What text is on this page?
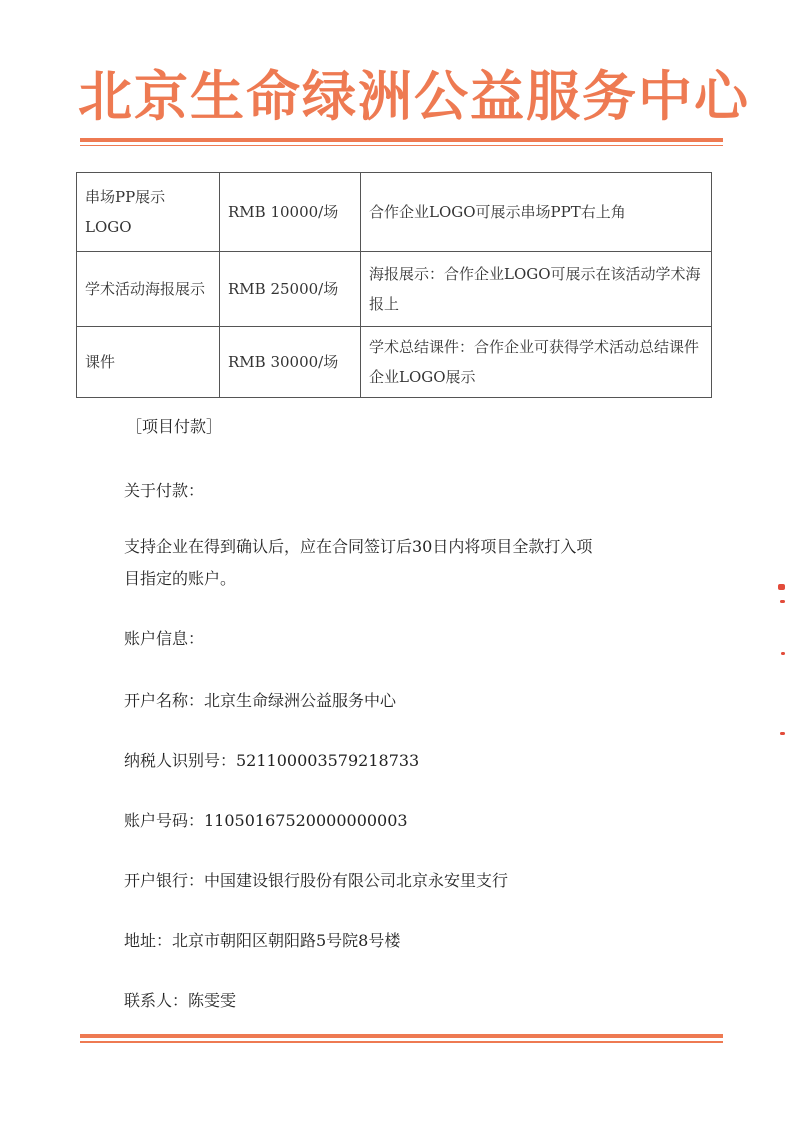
北京生命绿洲公益服务中心
串场PP展示LOGO	RMB 10000/场	合作企业LOGO可展示串场PPT右上角
学术活动海报展示	RMB 25000/场	海报展示：合作企业LOGO可展示在该活动学术海报上
课件	RMB 30000/场	学术总结课件：合作企业可获得学术活动总结课件企业LOGO展示
［项目付款］
关于付款：
支持企业在得到确认后，应在合同签订后30日内将项目全款打入项
目指定的账户。
账户信息：
开户名称：北京生命绿洲公益服务中心
纳税人识别号：521100003579218733
账户号码：11050167520000000003
开户银行：中国建设银行股份有限公司北京永安里支行
地址：北京市朝阳区朝阳路5号院8号楼
联系人：陈雯雯
